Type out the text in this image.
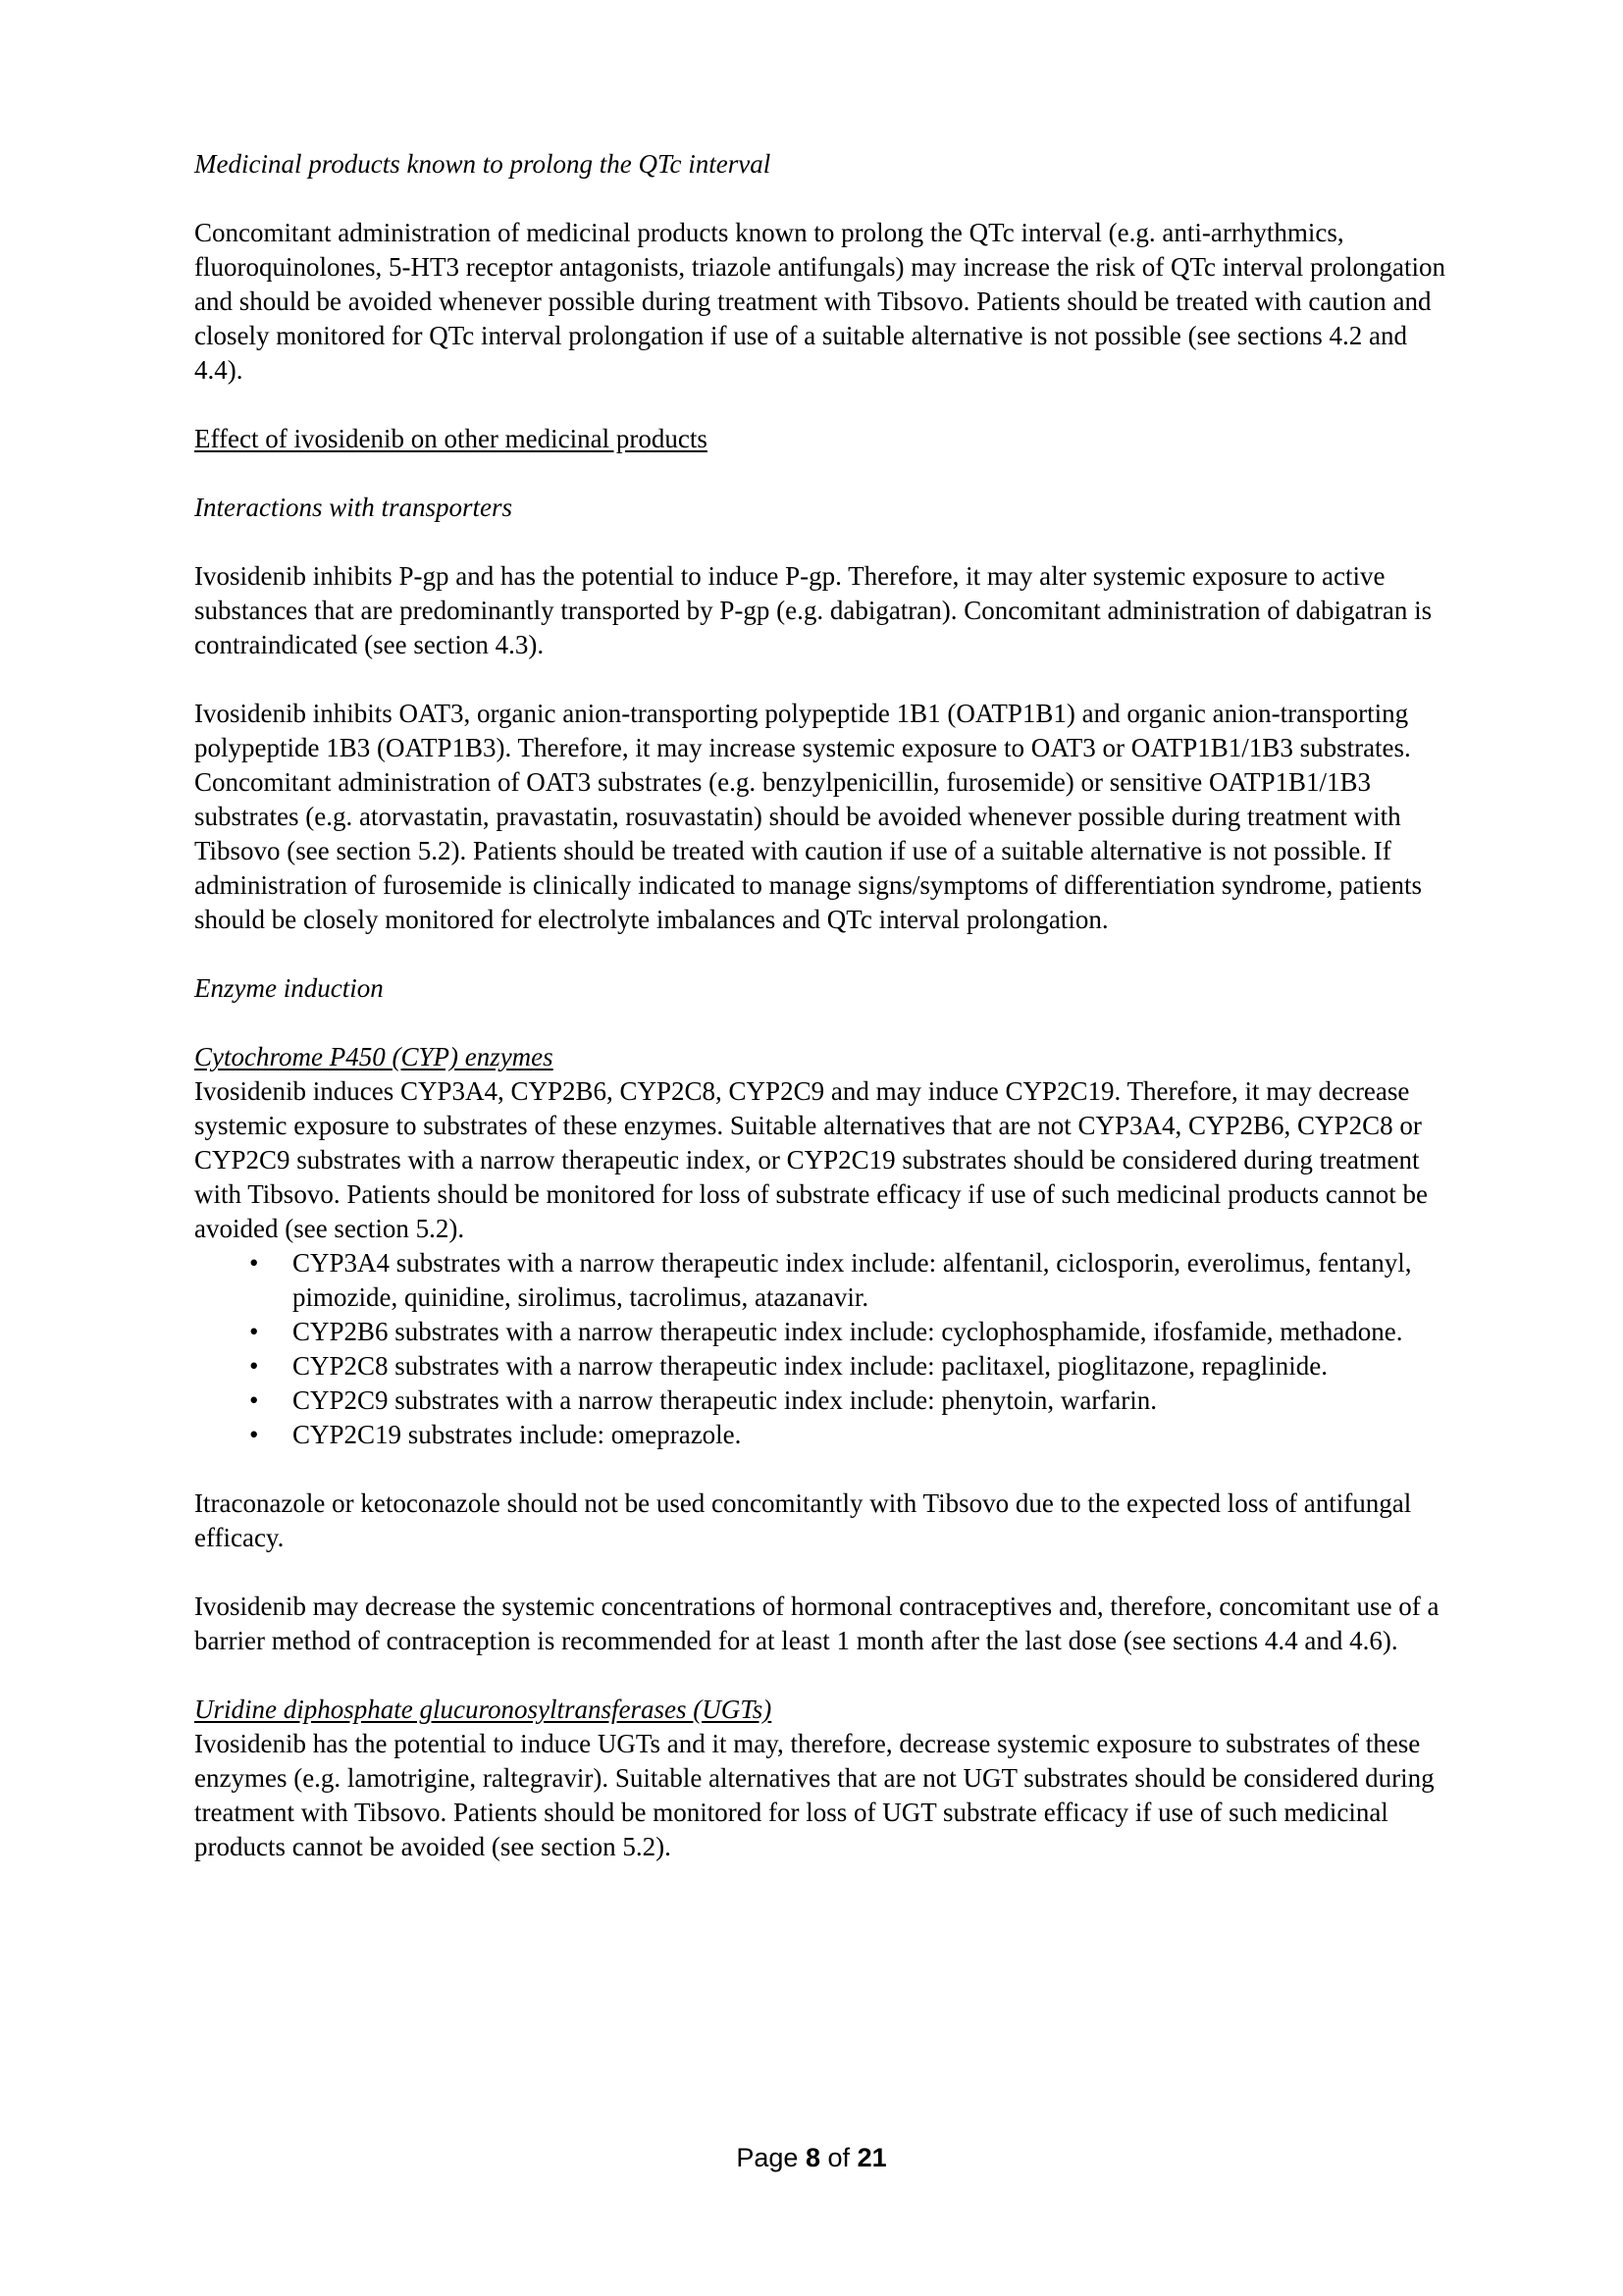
Medicinal products known to prolong the QTc interval

Concomitant administration of medicinal products known to prolong the QTc interval (e.g. anti-arrhythmics, fluoroquinolones, 5-HT3 receptor antagonists, triazole antifungals) may increase the risk of QTc interval prolongation and should be avoided whenever possible during treatment with Tibsovo. Patients should be treated with caution and closely monitored for QTc interval prolongation if use of a suitable alternative is not possible (see sections 4.2 and 4.4).

Effect of ivosidenib on other medicinal products

Interactions with transporters

Ivosidenib inhibits P-gp and has the potential to induce P-gp. Therefore, it may alter systemic exposure to active substances that are predominantly transported by P-gp (e.g. dabigatran). Concomitant administration of dabigatran is contraindicated (see section 4.3).

Ivosidenib inhibits OAT3, organic anion-transporting polypeptide 1B1 (OATP1B1) and organic anion-transporting polypeptide 1B3 (OATP1B3). Therefore, it may increase systemic exposure to OAT3 or OATP1B1/1B3 substrates. Concomitant administration of OAT3 substrates (e.g. benzylpenicillin, furosemide) or sensitive OATP1B1/1B3 substrates (e.g. atorvastatin, pravastatin, rosuvastatin) should be avoided whenever possible during treatment with Tibsovo (see section 5.2). Patients should be treated with caution if use of a suitable alternative is not possible. If administration of furosemide is clinically indicated to manage signs/symptoms of differentiation syndrome, patients should be closely monitored for electrolyte imbalances and QTc interval prolongation.

Enzyme induction

Cytochrome P450 (CYP) enzymes

Ivosidenib induces CYP3A4, CYP2B6, CYP2C8, CYP2C9 and may induce CYP2C19. Therefore, it may decrease systemic exposure to substrates of these enzymes. Suitable alternatives that are not CYP3A4, CYP2B6, CYP2C8 or CYP2C9 substrates with a narrow therapeutic index, or CYP2C19 substrates should be considered during treatment with Tibsovo. Patients should be monitored for loss of substrate efficacy if use of such medicinal products cannot be avoided (see section 5.2).

• CYP3A4 substrates with a narrow therapeutic index include: alfentanil, ciclosporin, everolimus, fentanyl, pimozide, quinidine, sirolimus, tacrolimus, atazanavir.
• CYP2B6 substrates with a narrow therapeutic index include: cyclophosphamide, ifosfamide, methadone.
• CYP2C8 substrates with a narrow therapeutic index include: paclitaxel, pioglitazone, repaglinide.
• CYP2C9 substrates with a narrow therapeutic index include: phenytoin, warfarin.
• CYP2C19 substrates include: omeprazole.

Itraconazole or ketoconazole should not be used concomitantly with Tibsovo due to the expected loss of antifungal efficacy.

Ivosidenib may decrease the systemic concentrations of hormonal contraceptives and, therefore, concomitant use of a barrier method of contraception is recommended for at least 1 month after the last dose (see sections 4.4 and 4.6).

Uridine diphosphate glucuronosyltransferases (UGTs)

Ivosidenib has the potential to induce UGTs and it may, therefore, decrease systemic exposure to substrates of these enzymes (e.g. lamotrigine, raltegravir). Suitable alternatives that are not UGT substrates should be considered during treatment with Tibsovo. Patients should be monitored for loss of UGT substrate efficacy if use of such medicinal products cannot be avoided (see section 5.2).

Page 8 of 21
